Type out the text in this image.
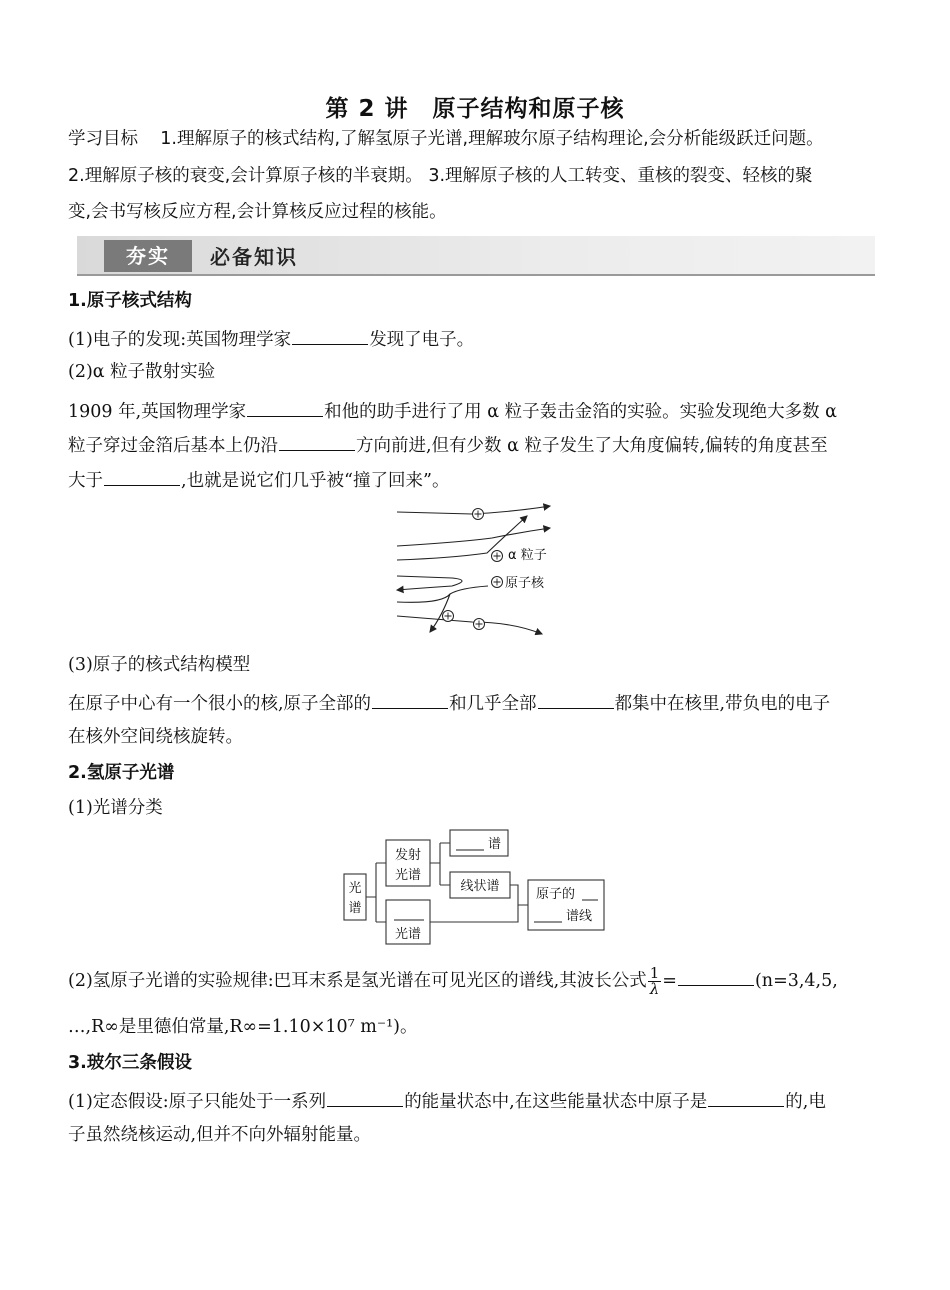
第 2 讲　原子结构和原子核
学习目标 1.理解原子的核式结构,了解氢原子光谱,理解玻尔原子结构理论,会分析能级跃迁问题。
2.理解原子核的衰变,会计算原子核的半衰期。 3.理解原子核的人工转变、重核的裂变、轻核的聚
变,会书写核反应方程,会计算核反应过程的核能。
夯实	必备知识
1.原子核式结构
(1)电子的发现:英国物理学家	发现了电子。
(2)α 粒子散射实验
1909 年,英国物理学家	和他的助手进行了用 α 粒子轰击金箔的实验。实验发现绝大多数 α
粒子穿过金箔后基本上仍沿	方向前进,但有少数 α 粒子发生了大角度偏转,偏转的角度甚至
大于	,也就是说它们几乎被“撞了回来”。
α 粒子
原子核
(3)原子的核式结构模型
在原子中心有一个很小的核,原子全部的	和几乎全部	都集中在核里,带负电的电子
在核外空间绕核旋转。
2.氢原子光谱
(1)光谱分类
光
谱
发射
光谱
谱
线状谱
光谱
原子的
谱线
(2)氢原子光谱的实验规律:巴耳末系是氢光谱在可见光区的谱线,其波长公式 $\frac{1}{\lambda}$ =	(n=3,4,5,
…,R∞是里德伯常量,R∞=1.10×10⁷ m⁻¹)。
3.玻尔三条假设
(1)定态假设:原子只能处于一系列	的能量状态中,在这些能量状态中原子是	的,电
子虽然绕核运动,但并不向外辐射能量。
